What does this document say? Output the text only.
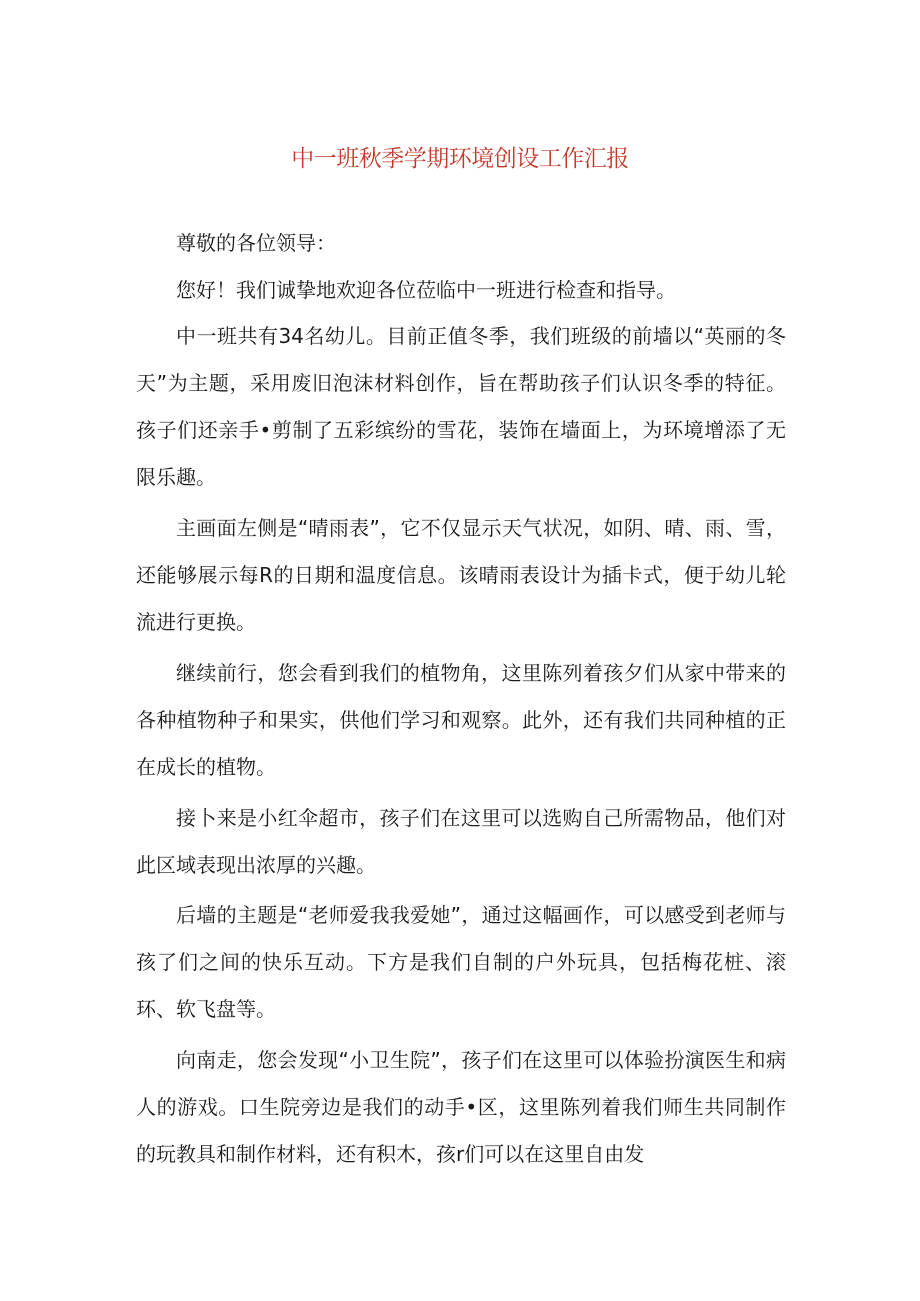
中一班秋季学期环境创设工作汇报

尊敬的各位领导：

您好！我们诚挚地欢迎各位莅临中一班进行检查和指导。

中一班共有34名幼儿。目前正值冬季，我们班级的前墙以“英丽的冬天”为主题，采用废旧泡沫材料创作，旨在帮助孩子们认识冬季的特征。孩子们还亲手•剪制了五彩缤纷的雪花，装饰在墙面上，为环境增添了无限乐趣。

主画面左侧是“晴雨表”，它不仅显示天气状况，如阴、晴、雨、雪，还能够展示每R的日期和温度信息。该晴雨表设计为插卡式，便于幼儿轮流进行更换。

继续前行，您会看到我们的植物角，这里陈列着孩夕们从家中带来的各种植物种子和果实，供他们学习和观察。此外，还有我们共同种植的正在成长的植物。

接卜来是小红伞超市，孩子们在这里可以选购自己所需物品，他们对此区域表现出浓厚的兴趣。

后墙的主题是“老师爱我我爱她”，通过这幅画作，可以感受到老师与孩了们之间的快乐互动。下方是我们自制的户外玩具，包括梅花桩、滚环、软飞盘等。

向南走，您会发现“小卫生院”，孩子们在这里可以体验扮演医生和病人的游戏。口生院旁边是我们的动手•区，这里陈列着我们师生共同制作的玩教具和制作材料，还有积木，孩r们可以在这里自由发
